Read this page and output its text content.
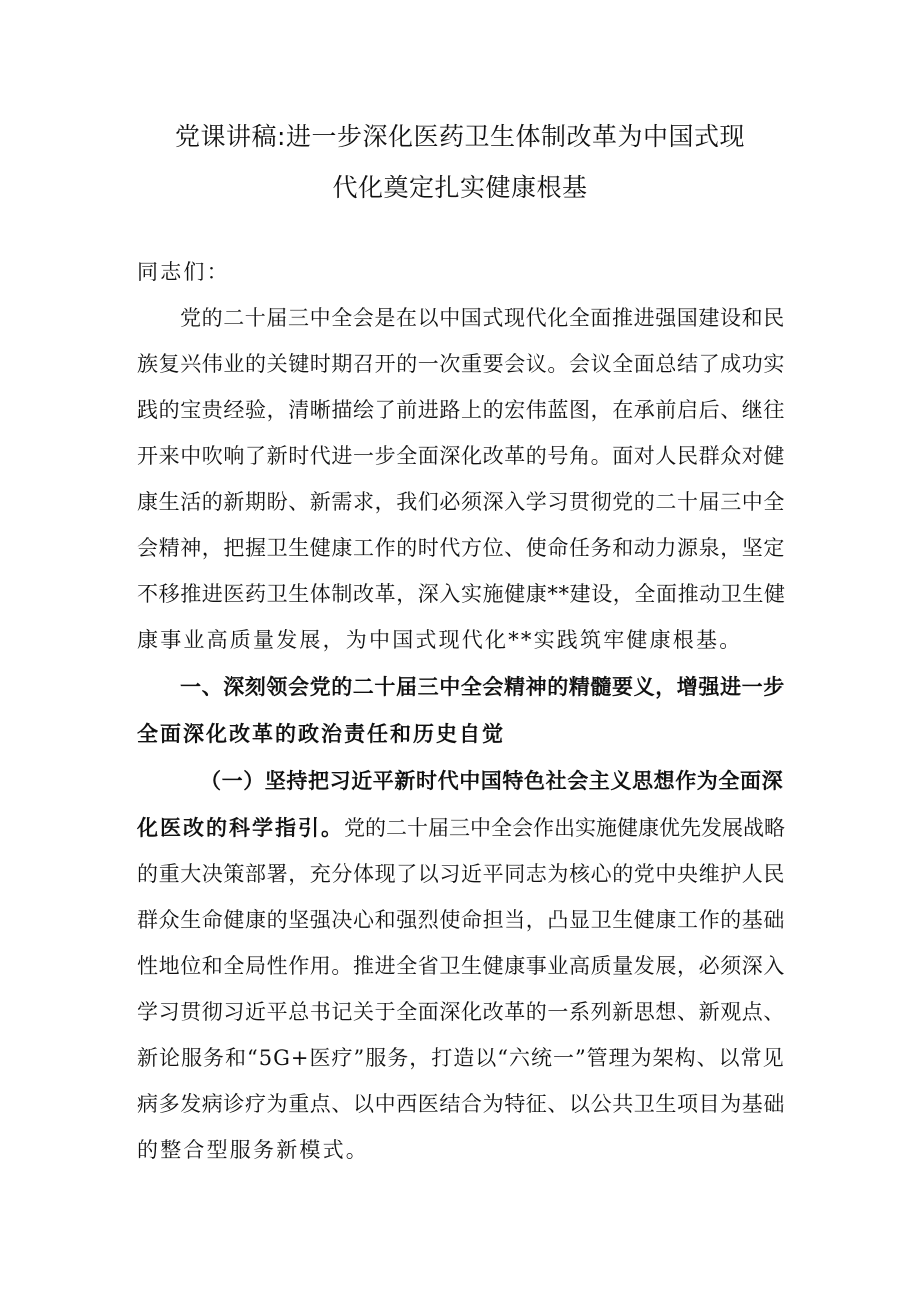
党课讲稿:进一步深化医药卫生体制改革为中国式现
代化奠定扎实健康根基
同志们：
党的二十届三中全会是在以中国式现代化全面推进强国建设和民
族复兴伟业的关键时期召开的一次重要会议。会议全面总结了成功实
践的宝贵经验，清晰描绘了前进路上的宏伟蓝图，在承前启后、继往
开来中吹响了新时代进一步全面深化改革的号角。面对人民群众对健
康生活的新期盼、新需求，我们必须深入学习贯彻党的二十届三中全
会精神，把握卫生健康工作的时代方位、使命任务和动力源泉，坚定
不移推进医药卫生体制改革，深入实施健康**建设，全面推动卫生健
康事业高质量发展，为中国式现代化**实践筑牢健康根基。
一、深刻领会党的二十届三中全会精神的精髓要义，增强进一步
全面深化改革的政治责任和历史自觉
（一）坚持把习近平新时代中国特色社会主义思想作为全面深
化医改的科学指引。党的二十届三中全会作出实施健康优先发展战略
的重大决策部署，充分体现了以习近平同志为核心的党中央维护人民
群众生命健康的坚强决心和强烈使命担当，凸显卫生健康工作的基础
性地位和全局性作用。推进全省卫生健康事业高质量发展，必须深入
学习贯彻习近平总书记关于全面深化改革的一系列新思想、新观点、
新论服务和“5G+医疗”服务，打造以“六统一”管理为架构、以常见
病多发病诊疗为重点、以中西医结合为特征、以公共卫生项目为基础
的整合型服务新模式。
